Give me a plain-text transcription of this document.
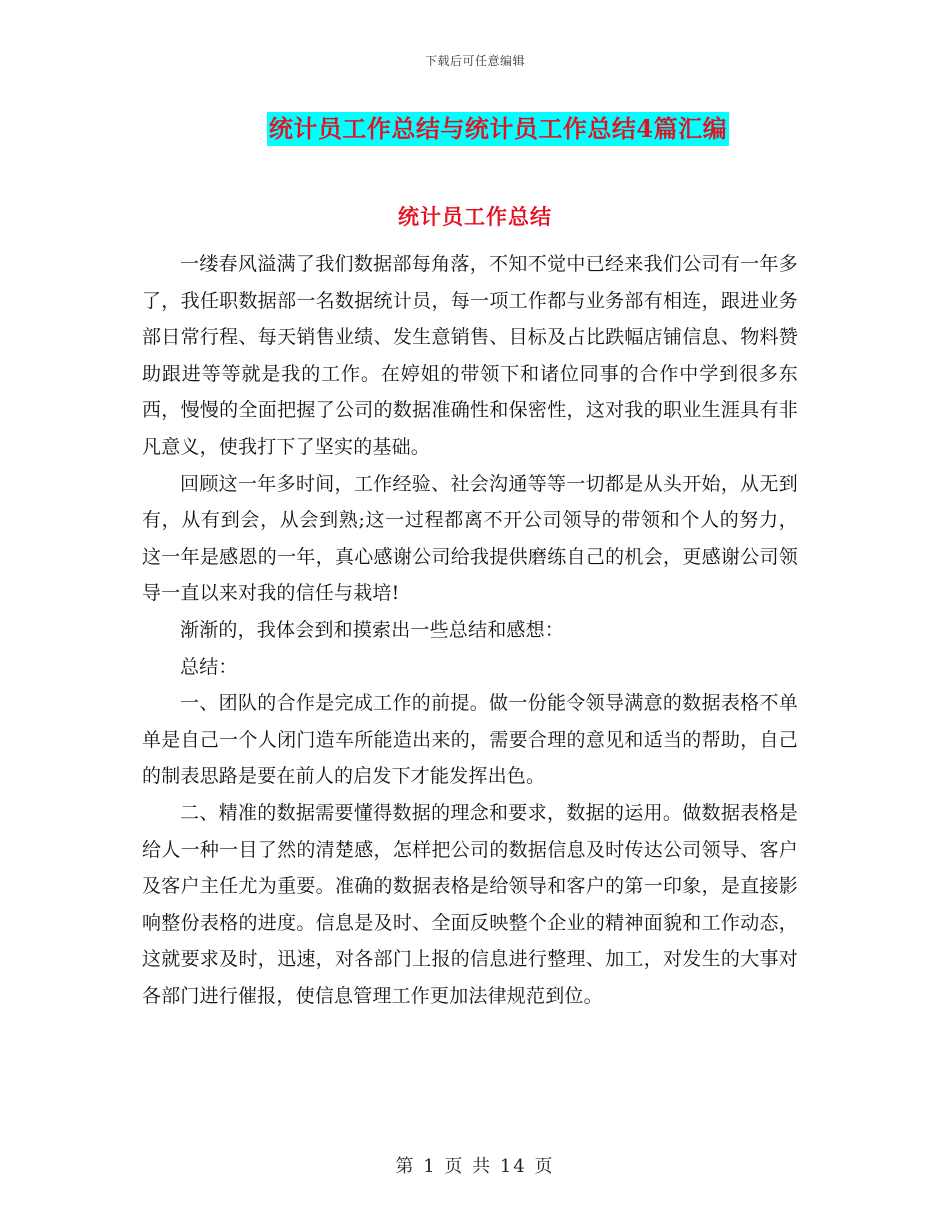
下载后可任意编辑
统计员工作总结与统计员工作总结4篇汇编
统计员工作总结

一缕春风溢满了我们数据部每角落，不知不觉中已经来我们公司有一年多了，我任职数据部一名数据统计员，每一项工作都与业务部有相连，跟进业务部日常行程、每天销售业绩、发生意销售、目标及占比跌幅店铺信息、物料赞助跟进等等就是我的工作。在婷姐的带领下和诸位同事的合作中学到很多东西，慢慢的全面把握了公司的数据准确性和保密性，这对我的职业生涯具有非凡意义，使我打下了坚实的基础。

回顾这一年多时间，工作经验、社会沟通等等一切都是从头开始，从无到有，从有到会，从会到熟;这一过程都离不开公司领导的带领和个人的努力，这一年是感恩的一年，真心感谢公司给我提供磨练自己的机会，更感谢公司领导一直以来对我的信任与栽培!

渐渐的，我体会到和摸索出一些总结和感想：

总结：

一、团队的合作是完成工作的前提。做一份能令领导满意的数据表格不单单是自己一个人闭门造车所能造出来的，需要合理的意见和适当的帮助，自己的制表思路是要在前人的启发下才能发挥出色。

二、精准的数据需要懂得数据的理念和要求，数据的运用。做数据表格是给人一种一目了然的清楚感，怎样把公司的数据信息及时传达公司领导、客户及客户主任尤为重要。准确的数据表格是给领导和客户的第一印象，是直接影响整份表格的进度。信息是及时、全面反映整个企业的精神面貌和工作动态，这就要求及时，迅速，对各部门上报的信息进行整理、加工，对发生的大事对各部门进行催报，使信息管理工作更加法律规范到位。

第 1 页 共 14 页
